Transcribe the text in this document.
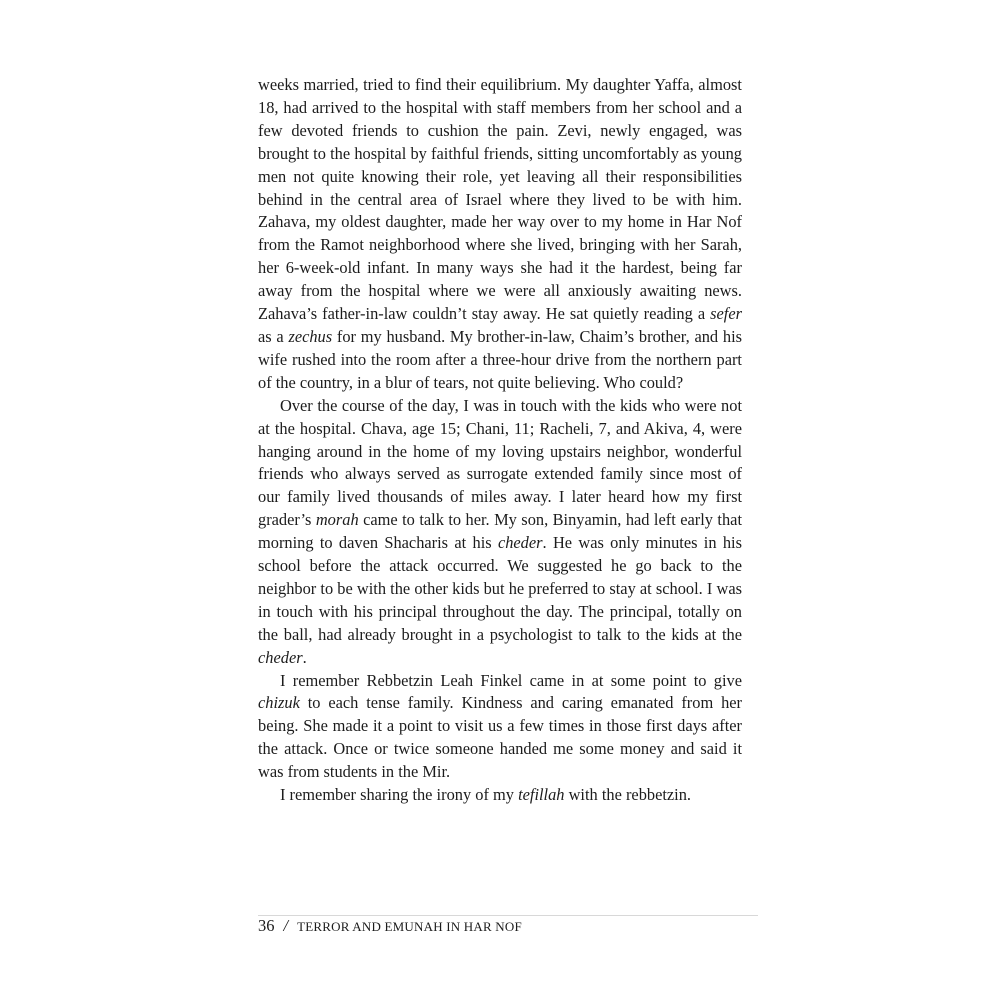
weeks married, tried to find their equilibrium. My daughter Yaffa, almost 18, had arrived to the hospital with staff members from her school and a few devoted friends to cushion the pain. Zevi, newly engaged, was brought to the hospital by faithful friends, sitting uncomfortably as young men not quite knowing their role, yet leaving all their responsibilities behind in the central area of Israel where they lived to be with him. Zahava, my oldest daughter, made her way over to my home in Har Nof from the Ramot neighborhood where she lived, bringing with her Sarah, her 6-week-old infant. In many ways she had it the hardest, being far away from the hospital where we were all anxiously awaiting news. Zahava’s father-in-law couldn’t stay away. He sat quietly reading a sefer as a zechus for my husband. My brother-in-law, Chaim’s brother, and his wife rushed into the room after a three-hour drive from the northern part of the country, in a blur of tears, not quite believing. Who could?

Over the course of the day, I was in touch with the kids who were not at the hospital. Chava, age 15; Chani, 11; Racheli, 7, and Akiva, 4, were hanging around in the home of my loving upstairs neighbor, wonderful friends who always served as surrogate extended family since most of our family lived thousands of miles away. I later heard how my first grader’s morah came to talk to her. My son, Binyamin, had left early that morning to daven Shacharis at his cheder. He was only minutes in his school before the attack occurred. We suggested he go back to the neighbor to be with the other kids but he preferred to stay at school. I was in touch with his principal throughout the day. The principal, totally on the ball, had already brought in a psychologist to talk to the kids at the cheder.

I remember Rebbetzin Leah Finkel came in at some point to give chizuk to each tense family. Kindness and caring emanated from her being. She made it a point to visit us a few times in those first days after the attack. Once or twice someone handed me some money and said it was from students in the Mir.

I remember sharing the irony of my tefillah with the rebbetzin.

36 / TERROR AND EMUNAH IN HAR NOF
